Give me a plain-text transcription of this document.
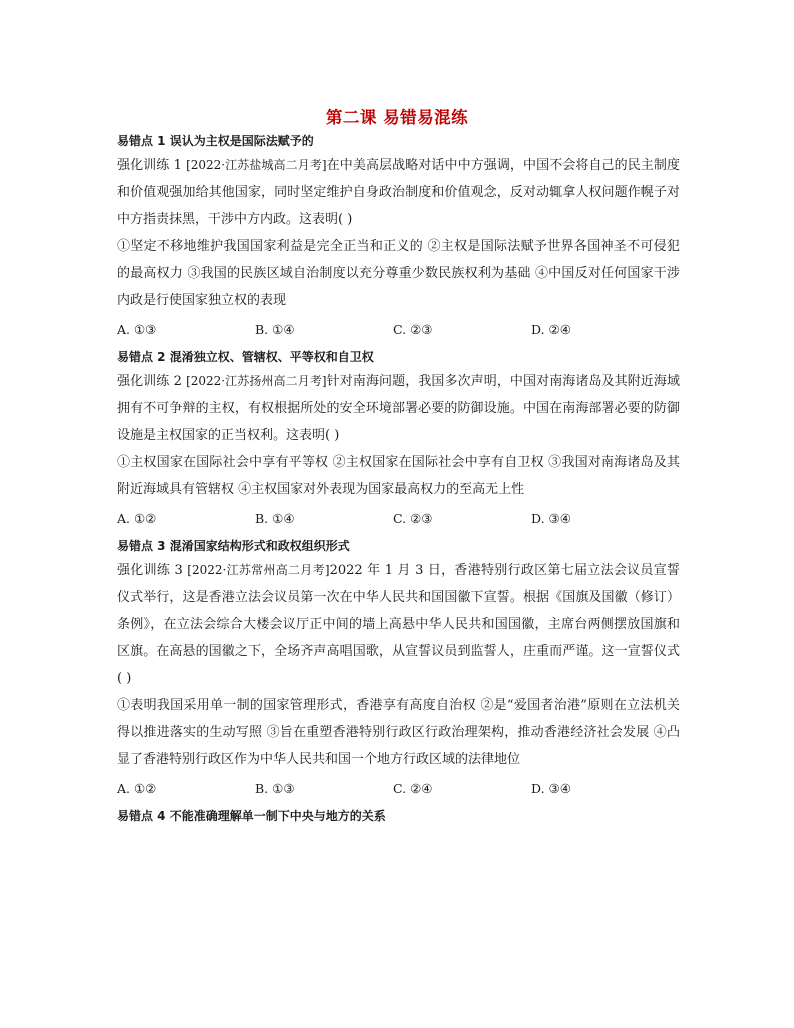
第二课 易错易混练

易错点 1 误认为主权是国际法赋予的

强化训练 1 [2022·江苏盐城高二月考]在中美高层战略对话中中方强调，中国不会将自己的民主制度和价值观强加给其他国家，同时坚定维护自身政治制度和价值观念，反对动辄拿人权问题作幌子对中方指责抹黑，干涉中方内政。这表明( )

①坚定不移地维护我国国家利益是完全正当和正义的 ②主权是国际法赋予世界各国神圣不可侵犯的最高权力 ③我国的民族区域自治制度以充分尊重少数民族权利为基础 ④中国反对任何国家干涉内政是行使国家独立权的表现

A. ①③	B. ①④	C. ②③	D. ②④

易错点 2 混淆独立权、管辖权、平等权和自卫权

强化训练 2 [2022·江苏扬州高二月考]针对南海问题，我国多次声明，中国对南海诸岛及其附近海域拥有不可争辩的主权，有权根据所处的安全环境部署必要的防御设施。中国在南海部署必要的防御设施是主权国家的正当权利。这表明( )

①主权国家在国际社会中享有平等权 ②主权国家在国际社会中享有自卫权 ③我国对南海诸岛及其附近海域具有管辖权 ④主权国家对外表现为国家最高权力的至高无上性

A. ①②	B. ①④	C. ②③	D. ③④

易错点 3 混淆国家结构形式和政权组织形式

强化训练 3 [2022·江苏常州高二月考]2022 年 1 月 3 日，香港特别行政区第七届立法会议员宣誓仪式举行，这是香港立法会议员第一次在中华人民共和国国徽下宣誓。根据《国旗及国徽（修订）条例》，在立法会综合大楼会议厅正中间的墙上高悬中华人民共和国国徽，主席台两侧摆放国旗和区旗。在高悬的国徽之下，全场齐声高唱国歌，从宣誓议员到监誓人，庄重而严谨。这一宣誓仪式( )

①表明我国采用单一制的国家管理形式，香港享有高度自治权 ②是“爱国者治港”原则在立法机关得以推进落实的生动写照 ③旨在重塑香港特别行政区行政治理架构，推动香港经济社会发展 ④凸显了香港特别行政区作为中华人民共和国一个地方行政区域的法律地位

A. ①②	B. ①③	C. ②④	D. ③④

易错点 4 不能准确理解单一制下中央与地方的关系
